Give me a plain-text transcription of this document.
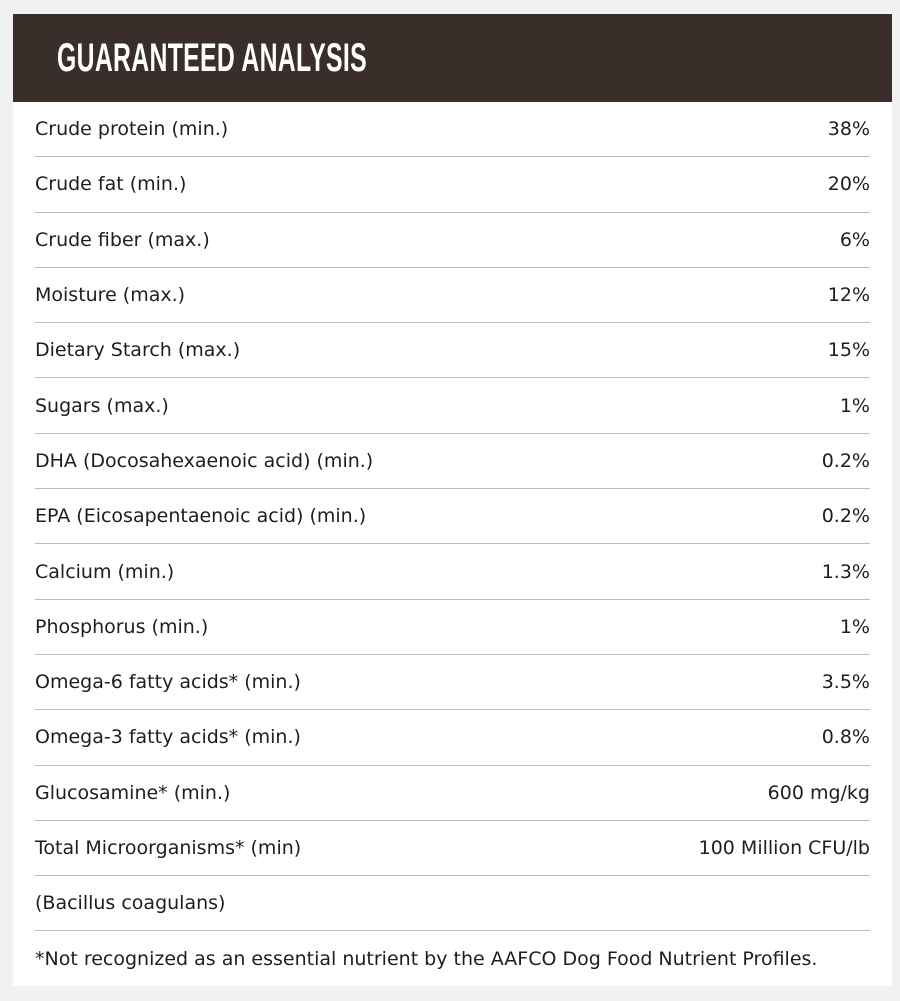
GUARANTEED ANALYSIS
Crude protein (min.)	38%
Crude fat (min.)	20%
Crude fiber (max.)	6%
Moisture (max.)	12%
Dietary Starch (max.)	15%
Sugars (max.)	1%
DHA (Docosahexaenoic acid) (min.)	0.2%
EPA (Eicosapentaenoic acid) (min.)	0.2%
Calcium (min.)	1.3%
Phosphorus (min.)	1%
Omega-6 fatty acids* (min.)	3.5%
Omega-3 fatty acids* (min.)	0.8%
Glucosamine* (min.)	600 mg/kg
Total Microorganisms* (min)	100 Million CFU/lb
(Bacillus coagulans)
*Not recognized as an essential nutrient by the AAFCO Dog Food Nutrient Profiles.
